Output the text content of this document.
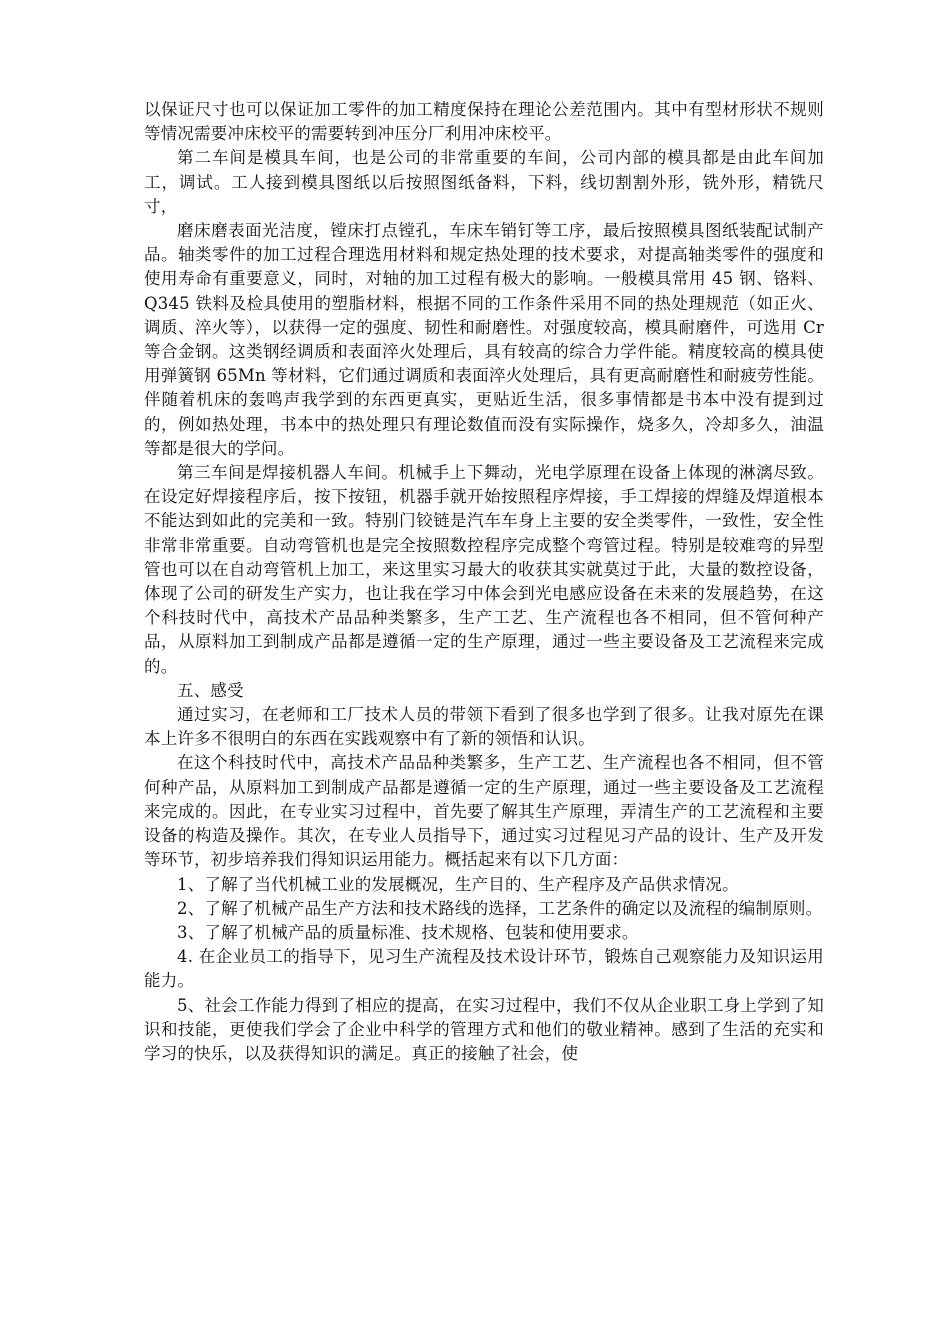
以保证尺寸也可以保证加工零件的加工精度保持在理论公差范围内。其中有型材形状不规则等情况需要冲床校平的需要转到冲压分厂利用冲床校平。

第二车间是模具车间，也是公司的非常重要的车间，公司内部的模具都是由此车间加工，调试。工人接到模具图纸以后按照图纸备料，下料，线切割割外形，铣外形，精铣尺寸，

磨床磨表面光洁度，镗床打点镗孔，车床车销钉等工序，最后按照模具图纸装配试制产品。轴类零件的加工过程合理选用材料和规定热处理的技术要求，对提高轴类零件的强度和使用寿命有重要意义，同时，对轴的加工过程有极大的影响。一般模具常用 45 钢、铬料、Q345 铁料及检具使用的塑脂材料，根据不同的工作条件采用不同的热处理规范（如正火、调质、淬火等），以获得一定的强度、韧性和耐磨性。对强度较高，模具耐磨件，可选用 Cr 等合金钢。这类钢经调质和表面淬火处理后，具有较高的综合力学件能。精度较高的模具使用弹簧钢 65Mn 等材料，它们通过调质和表面淬火处理后，具有更高耐磨性和耐疲劳性能。伴随着机床的轰鸣声我学到的东西更真实，更贴近生活，很多事情都是书本中没有提到过的，例如热处理，书本中的热处理只有理论数值而没有实际操作，烧多久，冷却多久，油温等都是很大的学问。

第三车间是焊接机器人车间。机械手上下舞动，光电学原理在设备上体现的淋漓尽致。在设定好焊接程序后，按下按钮，机器手就开始按照程序焊接，手工焊接的焊缝及焊道根本不能达到如此的完美和一致。特别门铰链是汽车车身上主要的安全类零件，一致性，安全性非常非常重要。自动弯管机也是完全按照数控程序完成整个弯管过程。特别是较难弯的异型管也可以在自动弯管机上加工，来这里实习最大的收获其实就莫过于此，大量的数控设备，体现了公司的研发生产实力，也让我在学习中体会到光电感应设备在未来的发展趋势，在这个科技时代中，高技术产品品种类繁多，生产工艺、生产流程也各不相同，但不管何种产品，从原料加工到制成产品都是遵循一定的生产原理，通过一些主要设备及工艺流程来完成的。

五、感受

通过实习，在老师和工厂技术人员的带领下看到了很多也学到了很多。让我对原先在课本上许多不很明白的东西在实践观察中有了新的领悟和认识。

在这个科技时代中，高技术产品品种类繁多，生产工艺、生产流程也各不相同，但不管何种产品，从原料加工到制成产品都是遵循一定的生产原理，通过一些主要设备及工艺流程来完成的。因此，在专业实习过程中，首先要了解其生产原理，弄清生产的工艺流程和主要设备的构造及操作。其次，在专业人员指导下，通过实习过程见习产品的设计、生产及开发等环节，初步培养我们得知识运用能力。概括起来有以下几方面：

1、了解了当代机械工业的发展概况，生产目的、生产程序及产品供求情况。

2、了解了机械产品生产方法和技术路线的选择，工艺条件的确定以及流程的编制原则。

3、了解了机械产品的质量标准、技术规格、包装和使用要求。

4. 在企业员工的指导下，见习生产流程及技术设计环节，锻炼自己观察能力及知识运用能力。

5、社会工作能力得到了相应的提高，在实习过程中，我们不仅从企业职工身上学到了知识和技能，更使我们学会了企业中科学的管理方式和他们的敬业精神。感到了生活的充实和学习的快乐，以及获得知识的满足。真正的接触了社会，使
